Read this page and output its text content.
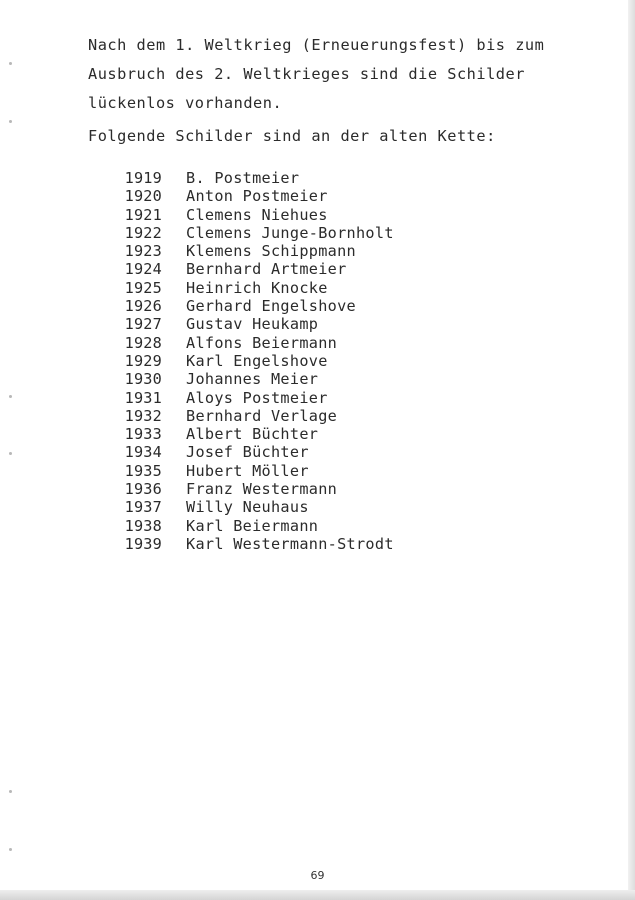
Nach dem 1. Weltkrieg (Erneuerungsfest) bis zum
Ausbruch des 2. Weltkrieges sind die Schilder
lückenlos vorhanden.
Folgende Schilder sind an der alten Kette:
1919	B. Postmeier
1920	Anton Postmeier
1921	Clemens Niehues
1922	Clemens Junge-Bornholt
1923	Klemens Schippmann
1924	Bernhard Artmeier
1925	Heinrich Knocke
1926	Gerhard Engelshove
1927	Gustav Heukamp
1928	Alfons Beiermann
1929	Karl Engelshove
1930	Johannes Meier
1931	Aloys Postmeier
1932	Bernhard Verlage
1933	Albert Büchter
1934	Josef Büchter
1935	Hubert Möller
1936	Franz Westermann
1937	Willy Neuhaus
1938	Karl Beiermann
1939	Karl Westermann-Strodt
69
